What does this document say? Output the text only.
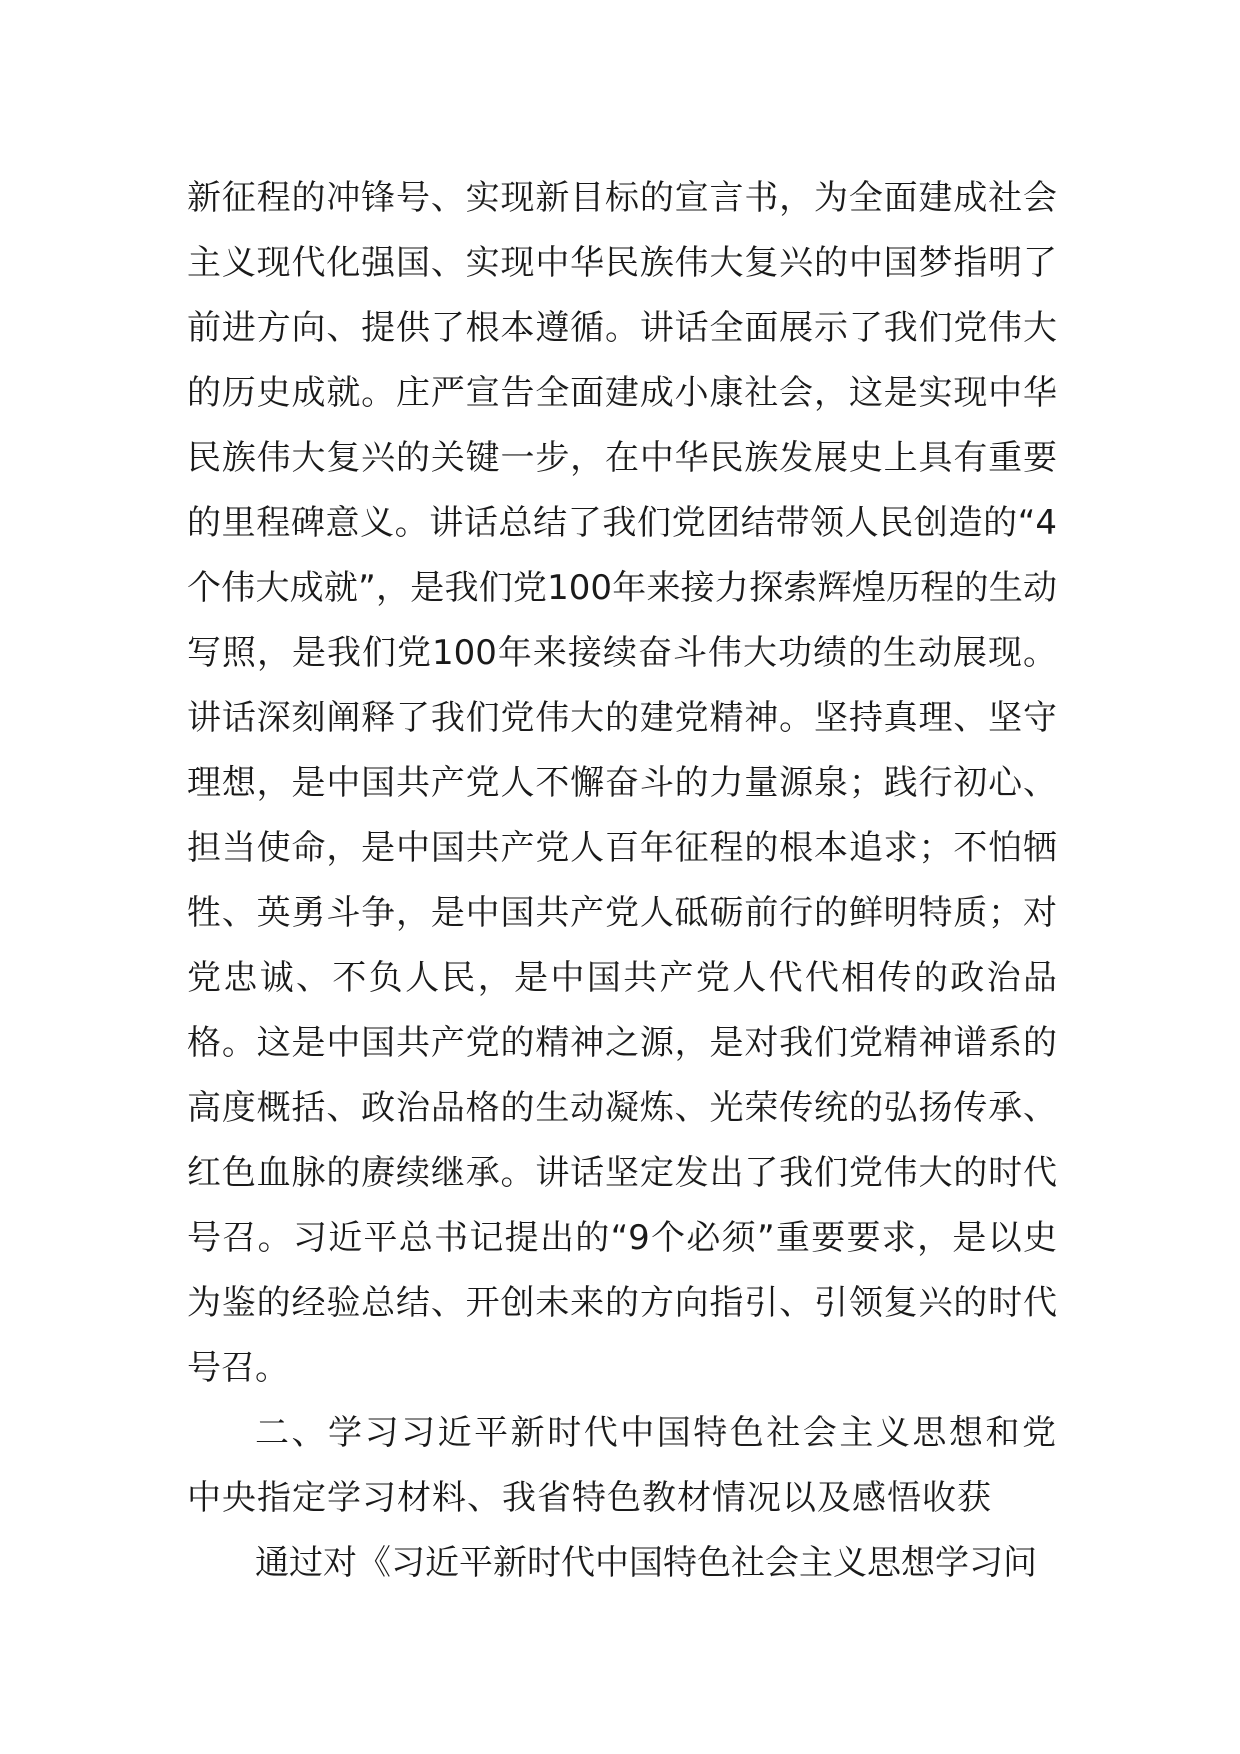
新征程的冲锋号、实现新目标的宣言书，为全面建成社会主义现代化强国、实现中华民族伟大复兴的中国梦指明了前进方向、提供了根本遵循。讲话全面展示了我们党伟大的历史成就。庄严宣告全面建成小康社会，这是实现中华民族伟大复兴的关键一步，在中华民族发展史上具有重要的里程碑意义。讲话总结了我们党团结带领人民创造的“4个伟大成就”，是我们党100年来接力探索辉煌历程的生动写照，是我们党100年来接续奋斗伟大功绩的生动展现。讲话深刻阐释了我们党伟大的建党精神。坚持真理、坚守理想，是中国共产党人不懈奋斗的力量源泉；践行初心、担当使命，是中国共产党人百年征程的根本追求；不怕牺牲、英勇斗争，是中国共产党人砥砺前行的鲜明特质；对党忠诚、不负人民，是中国共产党人代代相传的政治品格。这是中国共产党的精神之源，是对我们党精神谱系的高度概括、政治品格的生动凝炼、光荣传统的弘扬传承、红色血脉的赓续继承。讲话坚定发出了我们党伟大的时代号召。习近平总书记提出的“9个必须”重要要求，是以史为鉴的经验总结、开创未来的方向指引、引领复兴的时代号召。

二、学习习近平新时代中国特色社会主义思想和党中央指定学习材料、我省特色教材情况以及感悟收获

通过对《习近平新时代中国特色社会主义思想学习问
